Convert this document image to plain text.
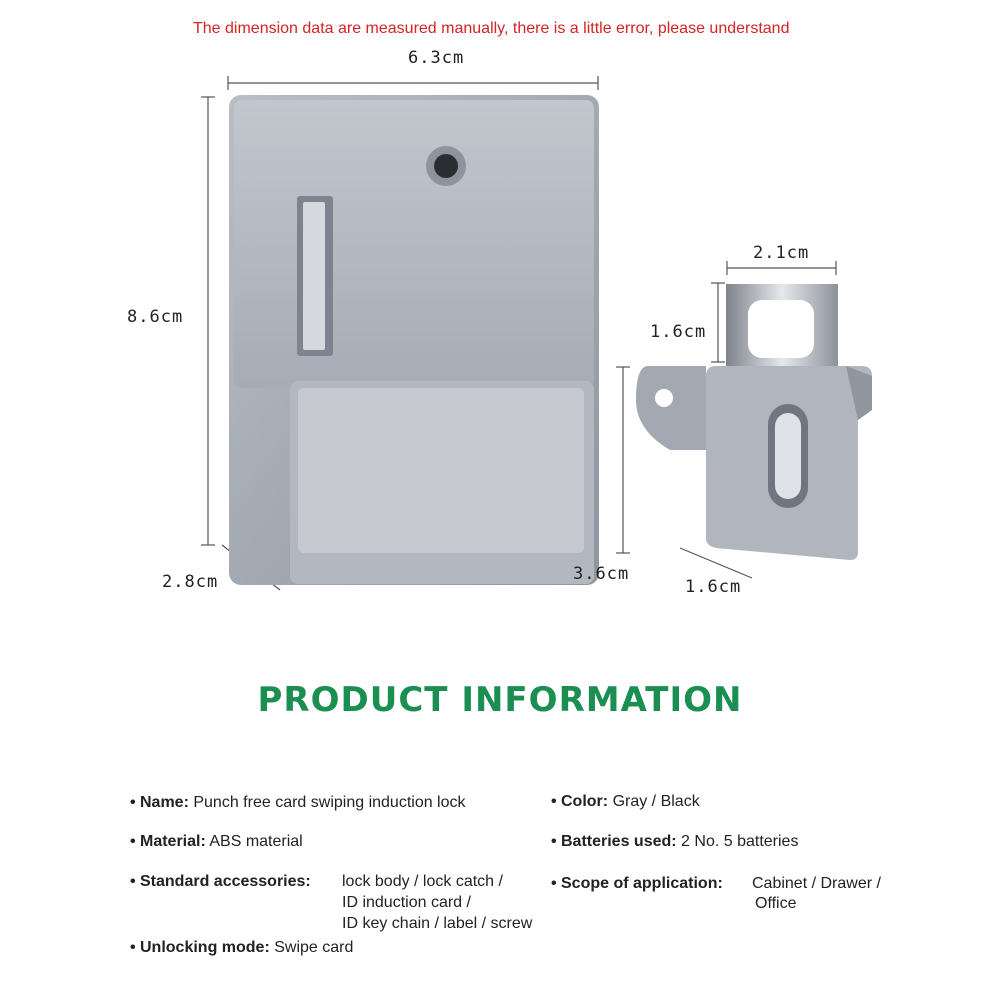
The dimension data are measured manually, there is a little error, please understand
6.3cm
8.6cm
2.8cm
2.1cm
1.6cm
3.6cm
1.6cm
PRODUCT INFORMATION
• Name: Punch free card swiping induction lock
• Material: ABS material
• Standard accessories: lock body / lock catch /
ID induction card /
ID key chain / label / screw
• Unlocking mode: Swipe card
• Color: Gray / Black
• Batteries used: 2 No. 5 batteries
• Scope of application: Cabinet / Drawer /
Office
